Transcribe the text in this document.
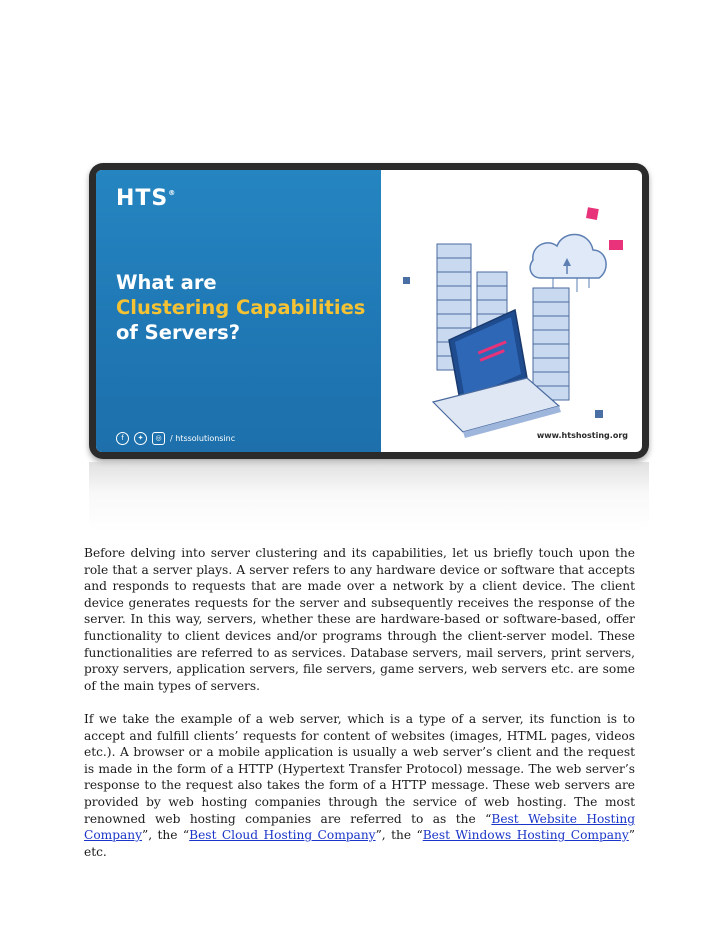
HTS®
What are
Clustering Capabilities
of Servers?
f	✦	◎	/ htssolutionsinc	www.htshosting.org

Before delving into server clustering and its capabilities, let us briefly touch upon the role that a server plays. A server refers to any hardware device or software that accepts and responds to requests that are made over a network by a client device. The client device generates requests for the server and subsequently receives the response of the server. In this way, servers, whether these are hardware-based or software-based, offer functionality to client devices and/or programs through the client-server model. These functionalities are referred to as services. Database servers, mail servers, print servers, proxy servers, application servers, file servers, game servers, web servers etc. are some of the main types of servers.

If we take the example of a web server, which is a type of a server, its function is to accept and fulfill clients’ requests for content of websites (images, HTML pages, videos etc.). A browser or a mobile application is usually a web server’s client and the request is made in the form of a HTTP (Hypertext Transfer Protocol) message. The web server’s response to the request also takes the form of a HTTP message. These web servers are provided by web hosting companies through the service of web hosting. The most renowned web hosting companies are referred to as the “Best Website Hosting Company”, the “Best Cloud Hosting Company”, the “Best Windows Hosting Company” etc.
